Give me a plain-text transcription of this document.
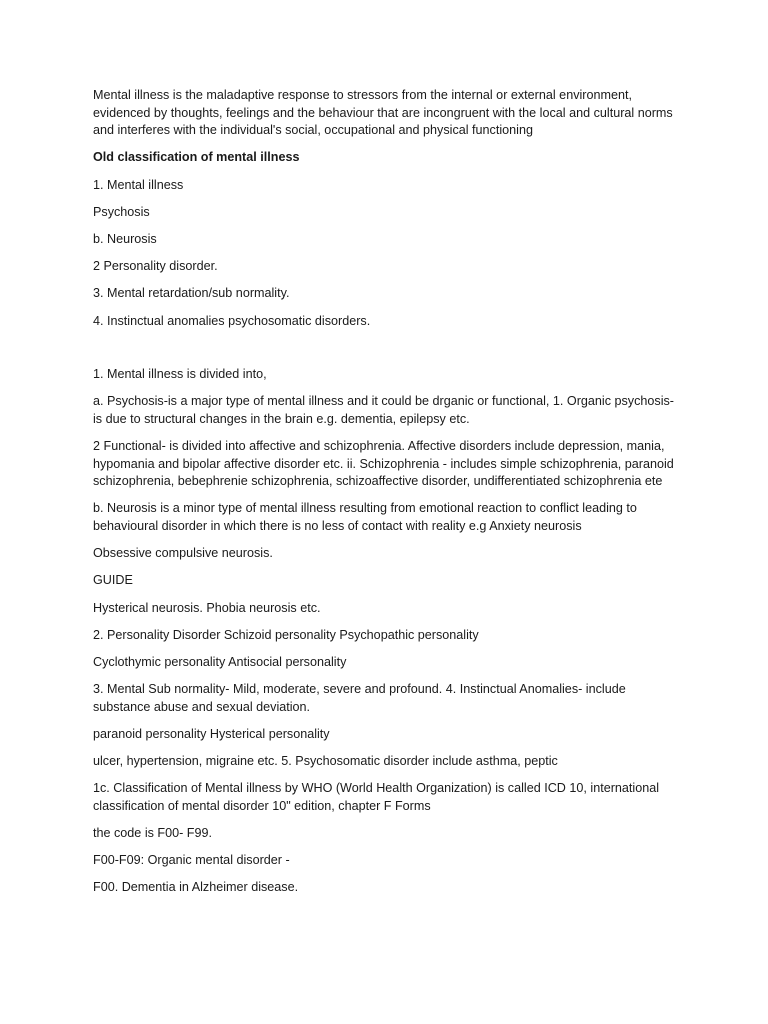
Mental illness is the maladaptive response to stressors from the internal or external environment, evidenced by thoughts, feelings and the behaviour that are incongruent with the local and cultural norms and interferes with the individual's social, occupational and physical functioning

Old classification of mental illness

1. Mental illness

Psychosis

b. Neurosis

2 Personality disorder.

3. Mental retardation/sub normality.

4. Instinctual anomalies psychosomatic disorders.

1. Mental illness is divided into,

a. Psychosis-is a major type of mental illness and it could be drganic or functional, 1. Organic psychosis-is due to structural changes in the brain e.g. dementia, epilepsy etc.

2 Functional- is divided into affective and schizophrenia. Affective disorders include depression, mania, hypomania and bipolar affective disorder etc. ii. Schizophrenia - includes simple schizophrenia, paranoid schizophrenia, bebephrenie schizophrenia, schizoaffective disorder, undifferentiated schizophrenia ete

b. Neurosis is a minor type of mental illness resulting from emotional reaction to conflict leading to behavioural disorder in which there is no less of contact with reality e.g Anxiety neurosis

Obsessive compulsive neurosis.

GUIDE

Hysterical neurosis. Phobia neurosis etc.

2. Personality Disorder Schizoid personality Psychopathic personality

Cyclothymic personality Antisocial personality

3. Mental Sub normality- Mild, moderate, severe and profound. 4. Instinctual Anomalies- include substance abuse and sexual deviation.

paranoid personality Hysterical personality

ulcer, hypertension, migraine etc. 5. Psychosomatic disorder include asthma, peptic

1c. Classification of Mental illness by WHO (World Health Organization) is called ICD 10, international classification of mental disorder 10" edition, chapter F Forms

the code is F00- F99.

F00-F09: Organic mental disorder -

F00. Dementia in Alzheimer disease.
